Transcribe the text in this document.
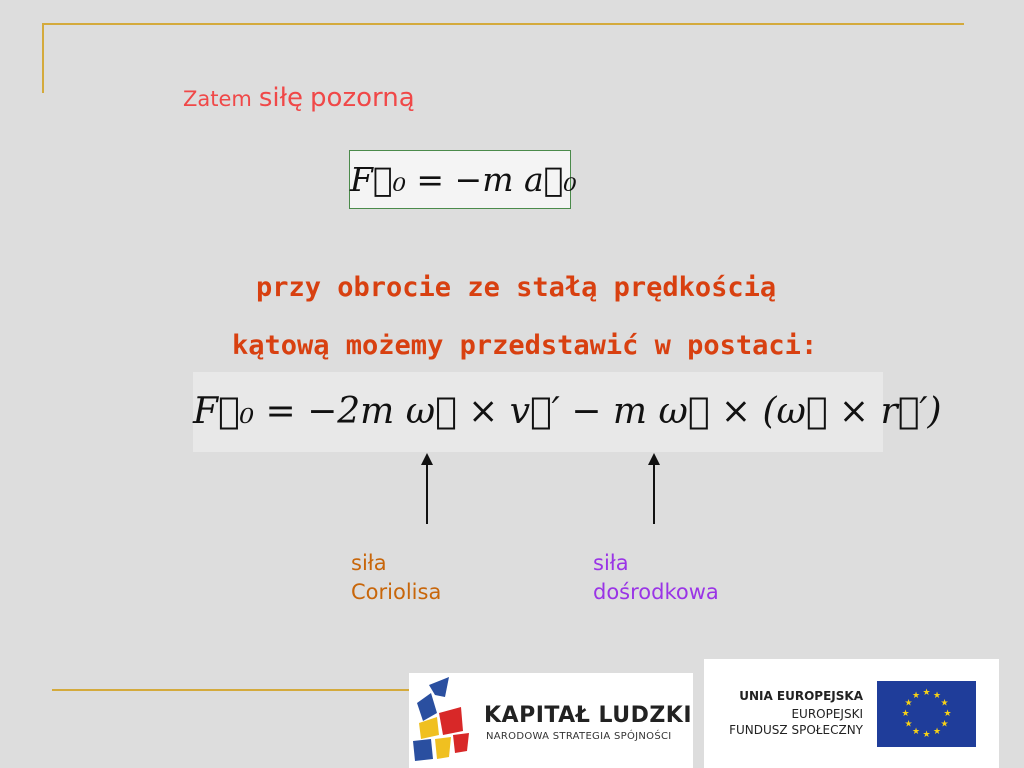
Zatem siłę pozorną
F⃗₀ = −m a⃗₀
przy obrocie ze stałą prędkością
kątową możemy przedstawić w postaci:
F⃗₀ = −2m ω⃗ × v⃗′ − m ω⃗ × (ω⃗ × r⃗′)
siła
Coriolisa
siła
dośrodkowa
KAPITAŁ LUDZKI
NARODOWA STRATEGIA SPÓJNOŚCI
UNIA EUROPEJSKA
EUROPEJSKI
FUNDUSZ SPOŁECZNY
★ ★
★
★
★
★
★
★
★
★
★
★
